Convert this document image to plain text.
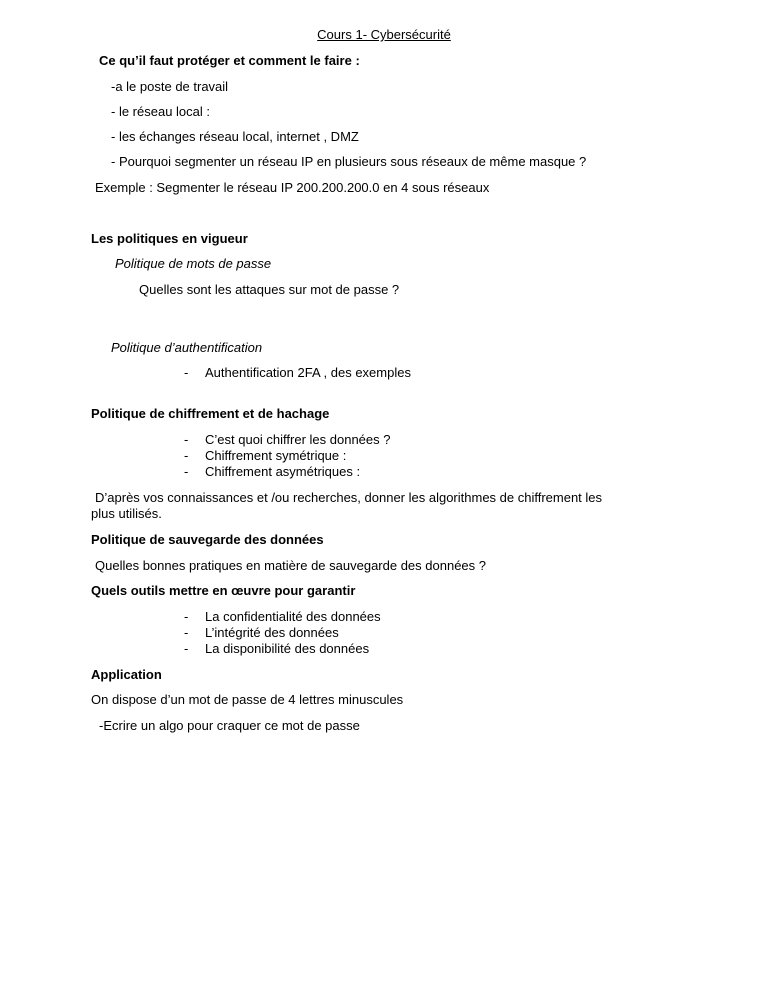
Cours 1- Cybersécurité
Ce qu’il faut protéger et comment le faire :
-a le poste de travail
- le réseau local :
- les échanges réseau local, internet , DMZ
- Pourquoi segmenter un réseau IP en plusieurs sous réseaux de même masque ?
Exemple : Segmenter le réseau IP 200.200.200.0 en 4 sous réseaux
Les politiques en vigueur
Politique de mots de passe
Quelles sont les attaques sur mot de passe ?
Politique d’authentification
- Authentification 2FA , des exemples
Politique de chiffrement et de hachage
- C’est quoi chiffrer les données ?
- Chiffrement symétrique :
- Chiffrement asymétriques :
D’après vos connaissances et /ou recherches, donner les algorithmes de chiffrement les
plus utilisés.
Politique de sauvegarde des données
Quelles bonnes pratiques en matière de sauvegarde des données ?
Quels outils mettre en œuvre pour garantir
- La confidentialité des données
- L’intégrité des données
- La disponibilité des données
Application
On dispose d’un mot de passe de 4 lettres minuscules
-Ecrire un algo pour craquer ce mot de passe
